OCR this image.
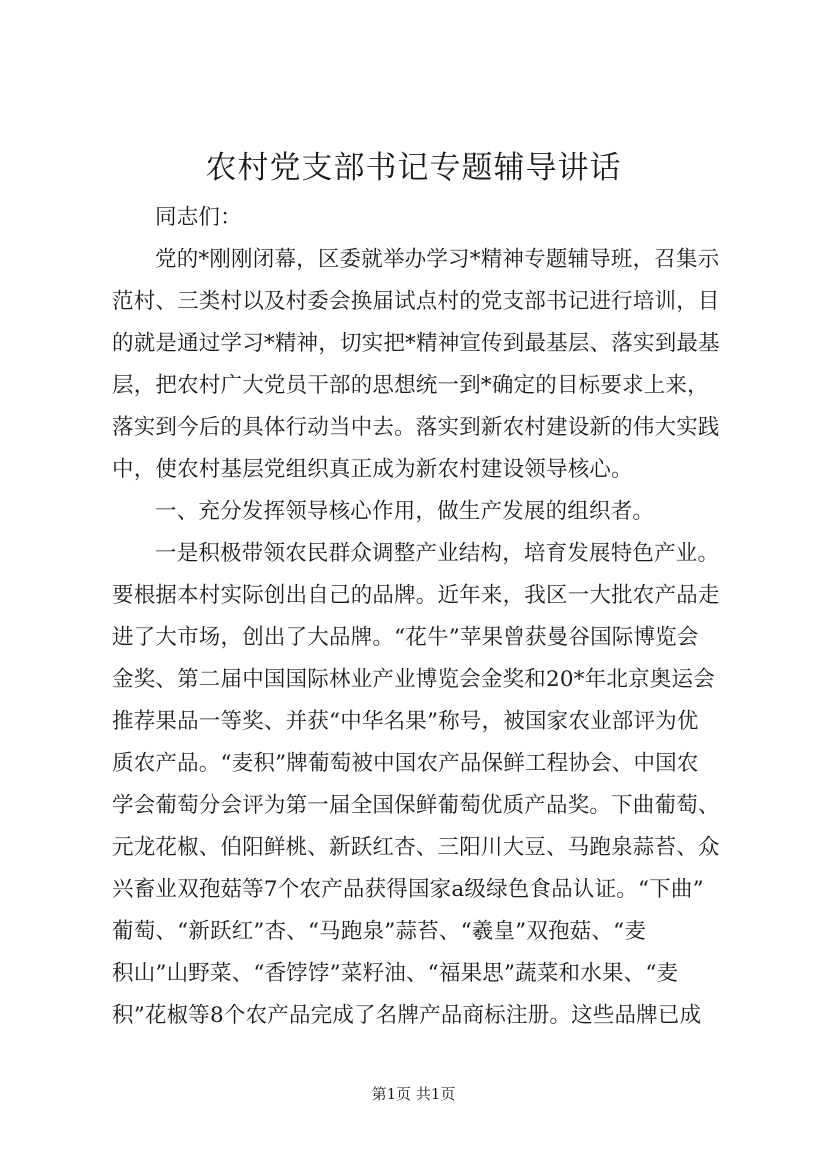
农村党支部书记专题辅导讲话
同志们：
党的*刚刚闭幕，区委就举办学习*精神专题辅导班，召集示
范村、三类村以及村委会换届试点村的党支部书记进行培训，目
的就是通过学习*精神，切实把*精神宣传到最基层、落实到最基
层，把农村广大党员干部的思想统一到*确定的目标要求上来，
落实到今后的具体行动当中去。落实到新农村建设新的伟大实践
中，使农村基层党组织真正成为新农村建设领导核心。
一、充分发挥领导核心作用，做生产发展的组织者。
一是积极带领农民群众调整产业结构，培育发展特色产业。
要根据本村实际创出自己的品牌。近年来，我区一大批农产品走
进了大市场，创出了大品牌。“花牛”苹果曾获曼谷国际博览会
金奖、第二届中国国际林业产业博览会金奖和20*年北京奥运会
推荐果品一等奖、并获“中华名果”称号，被国家农业部评为优
质农产品。“麦积”牌葡萄被中国农产品保鲜工程协会、中国农
学会葡萄分会评为第一届全国保鲜葡萄优质产品奖。下曲葡萄、
元龙花椒、伯阳鲜桃、新跃红杏、三阳川大豆、马跑泉蒜苔、众
兴畜业双孢菇等7个农产品获得国家a级绿色食品认证。“下曲”
葡萄、“新跃红”杏、“马跑泉”蒜苔、“羲皇”双孢菇、“麦
积山”山野菜、“香饽饽”菜籽油、“福果思”蔬菜和水果、“麦
积”花椒等8个农产品完成了名牌产品商标注册。这些品牌已成
第1页 共1页
